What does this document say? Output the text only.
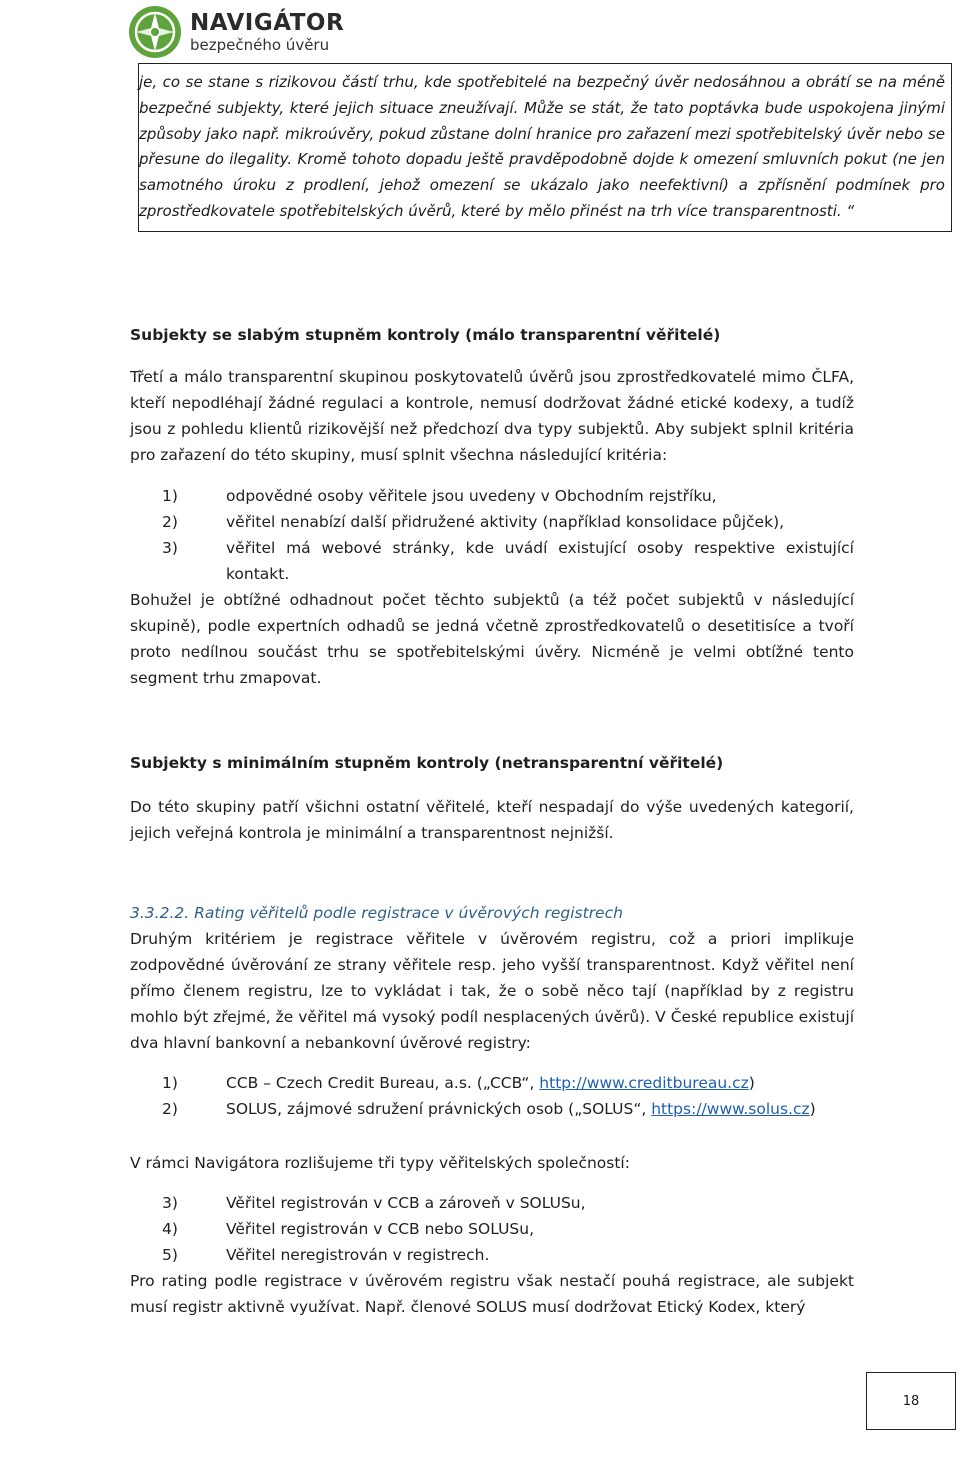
NAVIGÁTOR
bezpečného úvěru
je, co se stane s rizikovou částí trhu, kde spotřebitelé na bezpečný úvěr nedosáhnou a obrátí se na méně bezpečné subjekty, které jejich situace zneužívají. Může se stát, že tato poptávka bude uspokojena jinými způsoby jako např. mikroúvěry, pokud zůstane dolní hranice pro zařazení mezi spotřebitelský úvěr nebo se přesune do ilegality. Kromě tohoto dopadu ještě pravděpodobně dojde k omezení smluvních pokut (ne jen samotného úroku z prodlení, jehož omezení se ukázalo jako neefektivní) a zpřísnění podmínek pro zprostředkovatele spotřebitelských úvěrů, které by mělo přinést na trh více transparentnosti. “

Subjekty se slabým stupněm kontroly (málo transparentní věřitelé)

Třetí a málo transparentní skupinou poskytovatelů úvěrů jsou zprostředkovatelé mimo ČLFA, kteří nepodléhají žádné regulaci a kontrole, nemusí dodržovat žádné etické kodexy, a tudíž jsou z pohledu klientů rizikovější než předchozí dva typy subjektů. Aby subjekt splnil kritéria pro zařazení do této skupiny, musí splnit všechna následující kritéria:

1)	odpovědné osoby věřitele jsou uvedeny v Obchodním rejstříku,
2)	věřitel nenabízí další přidružené aktivity (například konsolidace půjček),
3)	věřitel má webové stránky, kde uvádí existující osoby respektive existující kontakt.

Bohužel je obtížné odhadnout počet těchto subjektů (a též počet subjektů v následující skupině), podle expertních odhadů se jedná včetně zprostředkovatelů o desetitisíce a tvoří proto nedílnou součást trhu se spotřebitelskými úvěry. Nicméně je velmi obtížné tento segment trhu zmapovat.

Subjekty s minimálním stupněm kontroly (netransparentní věřitelé)

Do této skupiny patří všichni ostatní věřitelé, kteří nespadají do výše uvedených kategorií, jejich veřejná kontrola je minimální a transparentnost nejnižší.

3.3.2.2. Rating věřitelů podle registrace v úvěrových registrech

Druhým kritériem je registrace věřitele v úvěrovém registru, což a priori implikuje zodpovědné úvěrování ze strany věřitele resp. jeho vyšší transparentnost. Když věřitel není přímo členem registru, lze to vykládat i tak, že o sobě něco tají (například by z registru mohlo být zřejmé, že věřitel má vysoký podíl nesplacených úvěrů). V České republice existují dva hlavní bankovní a nebankovní úvěrové registry:

1)	CCB – Czech Credit Bureau, a.s. („CCB“, http://www.creditbureau.cz)
2)	SOLUS, zájmové sdružení právnických osob („SOLUS“, https://www.solus.cz)

V rámci Navigátora rozlišujeme tři typy věřitelských společností:

3)	Věřitel registrován v CCB a zároveň v SOLUSu,
4)	Věřitel registrován v CCB nebo SOLUSu,
5)	Věřitel neregistrován v registrech.

Pro rating podle registrace v úvěrovém registru však nestačí pouhá registrace, ale subjekt musí registr aktivně využívat. Např. členové SOLUS musí dodržovat Etický Kodex, který

18
